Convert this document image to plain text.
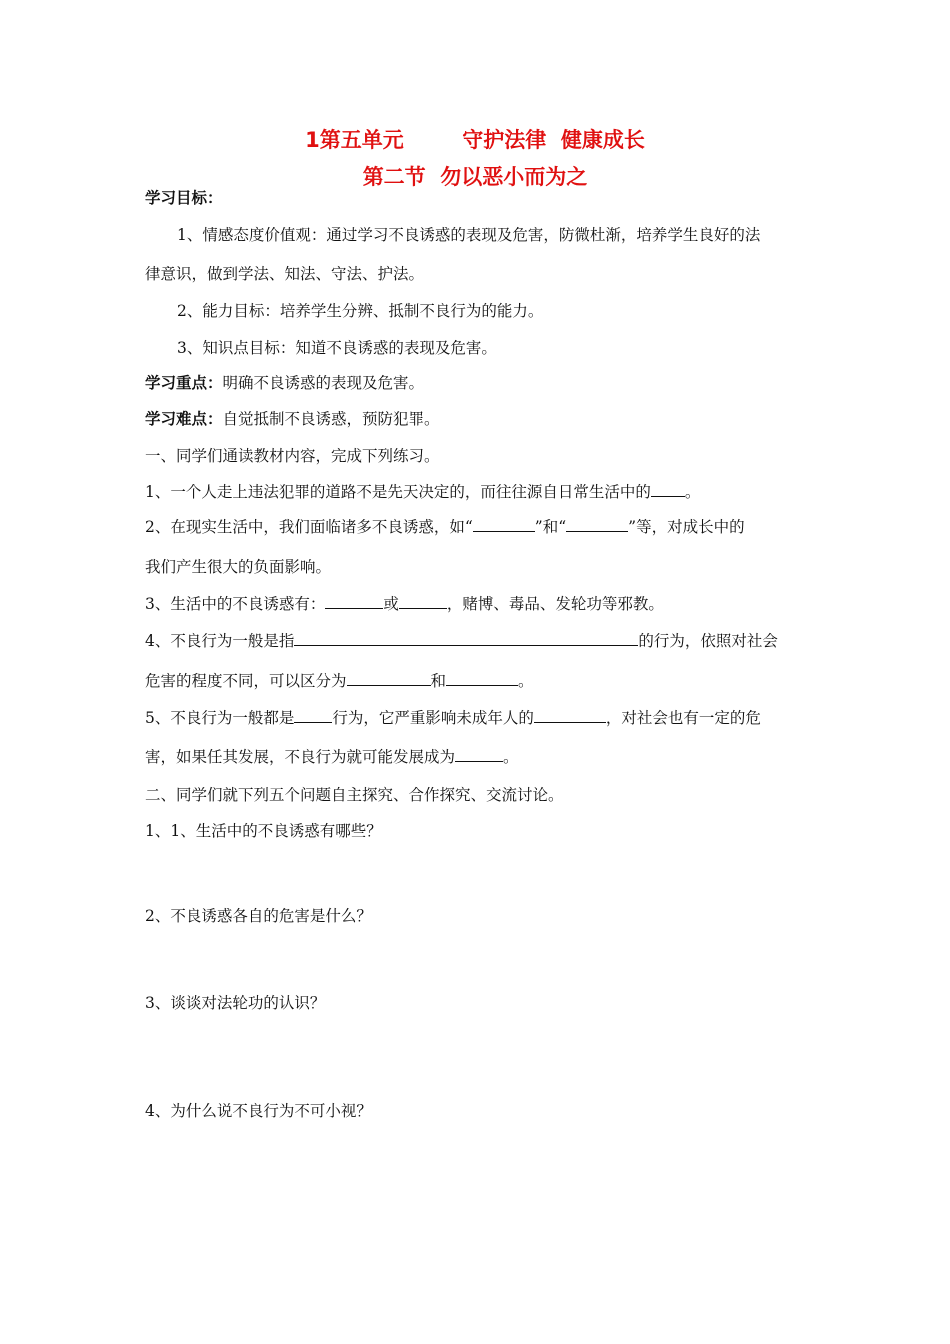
1第五单元        守护法律  健康成长
第二节  勿以恶小而为之
学习目标：
1、情感态度价值观：通过学习不良诱惑的表现及危害，防微杜渐，培养学生良好的法
律意识，做到学法、知法、守法、护法。
2、能力目标：培养学生分辨、抵制不良行为的能力。
3、知识点目标：知道不良诱惑的表现及危害。
学习重点：明确不良诱惑的表现及危害。
学习难点：自觉抵制不良诱惑，预防犯罪。
一、同学们通读教材内容，完成下列练习。
1、一个人走上违法犯罪的道路不是先天决定的，而往往源自日常生活中的 。
2、在现实生活中，我们面临诸多不良诱惑，如“	”和“	”等，对成长中的
我们产生很大的负面影响。
3、生活中的不良诱惑有：	或	，赌博、毒品、发轮功等邪教。
4、不良行为一般是指	的行为，依照对社会
危害的程度不同，可以区分为	和	。
5、不良行为一般都是 行为，它严重影响未成年人的	，对社会也有一定的危
害，如果任其发展，不良行为就可能发展成为	。
二、同学们就下列五个问题自主探究、合作探究、交流讨论。
1、1、生活中的不良诱惑有哪些？
2、不良诱惑各自的危害是什么？
3、谈谈对法轮功的认识？
4、为什么说不良行为不可小视？
